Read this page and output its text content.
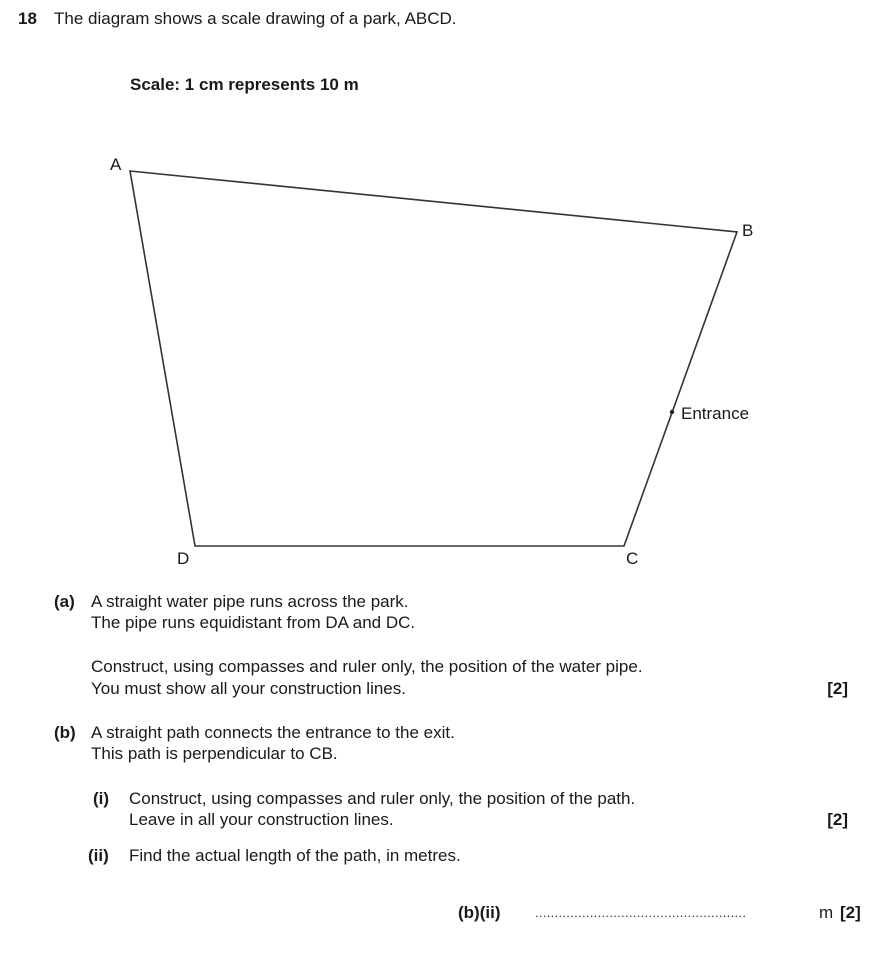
18 The diagram shows a scale drawing of a park, ABCD.
Scale: 1 cm represents 10 m
A
B
C
D
Entrance
(a) A straight water pipe runs across the park.
The pipe runs equidistant from DA and DC.
Construct, using compasses and ruler only, the position of the water pipe.
You must show all your construction lines.	[2]
(b) A straight path connects the entrance to the exit.
This path is perpendicular to CB.
(i) Construct, using compasses and ruler only, the position of the path.
Leave in all your construction lines.	[2]
(ii) Find the actual length of the path, in metres.
(b)(ii)	......................................................	m [2]
